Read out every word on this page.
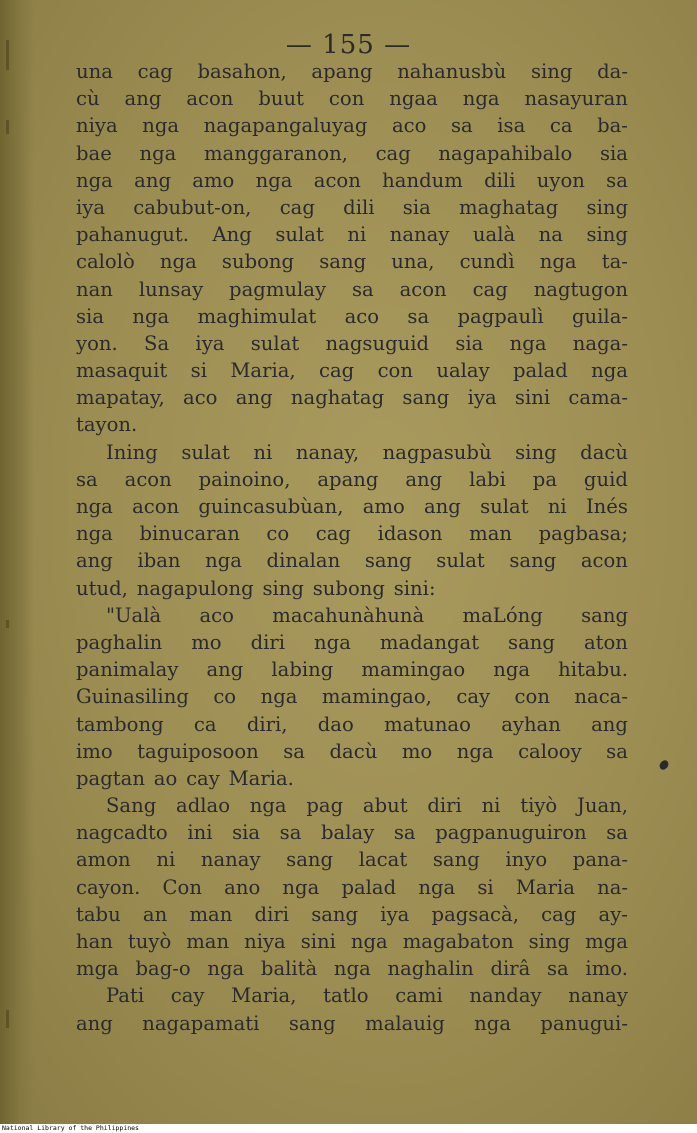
— 155 —
una cag basahon, apang nahanusbù sing da-
cù ang acon buut con ngaa nga nasayuran
niya nga nagapangaluyag aco sa isa ca ba-
bae nga manggaranon, cag nagapahibalo sia
nga ang amo nga acon handum dili uyon sa
iya cabubut-on, cag dili sia maghatag sing
pahanugut. Ang sulat ni nanay ualà na sing
calolò nga subong sang una, cundì nga ta-
nan lunsay pagmulay sa acon cag nagtugon
sia nga maghimulat aco sa pagpaulì guila-
yon. Sa iya sulat nagsuguid sia nga naga-
masaquit si Maria, cag con ualay palad nga
mapatay, aco ang naghatag sang iya sini cama-
tayon.
Ining sulat ni nanay, nagpasubù sing dacù
sa acon painoino, apang ang labi pa guid
nga acon guincasubùan, amo ang sulat ni Inés
nga binucaran co cag idason man pagbasa;
ang iban nga dinalan sang sulat sang acon
utud, nagapulong sing subong sini:
"Ualà aco macahunàhunà maLóng sang
paghalin mo diri nga madangat sang aton
panimalay ang labing mamingao nga hitabu.
Guinasiling co nga mamingao, cay con naca-
tambong ca diri, dao matunao ayhan ang
imo taguiposoon sa dacù mo nga calooy sa
pagtan ao cay Maria.
Sang adlao nga pag abut diri ni tiyò Juan,
nagcadto ini sia sa balay sa pagpanuguiron sa
amon ni nanay sang lacat sang inyo pana-
cayon. Con ano nga palad nga si Maria na-
tabu an man diri sang iya pagsacà, cag ay-
han tuyò man niya sini nga magabaton sing mga
mga bag-o nga balità nga naghalin dirâ sa imo.
Pati cay Maria, tatlo cami nanday nanay
ang nagapamati sang malauig nga panugui-
National Library of the Philippines
